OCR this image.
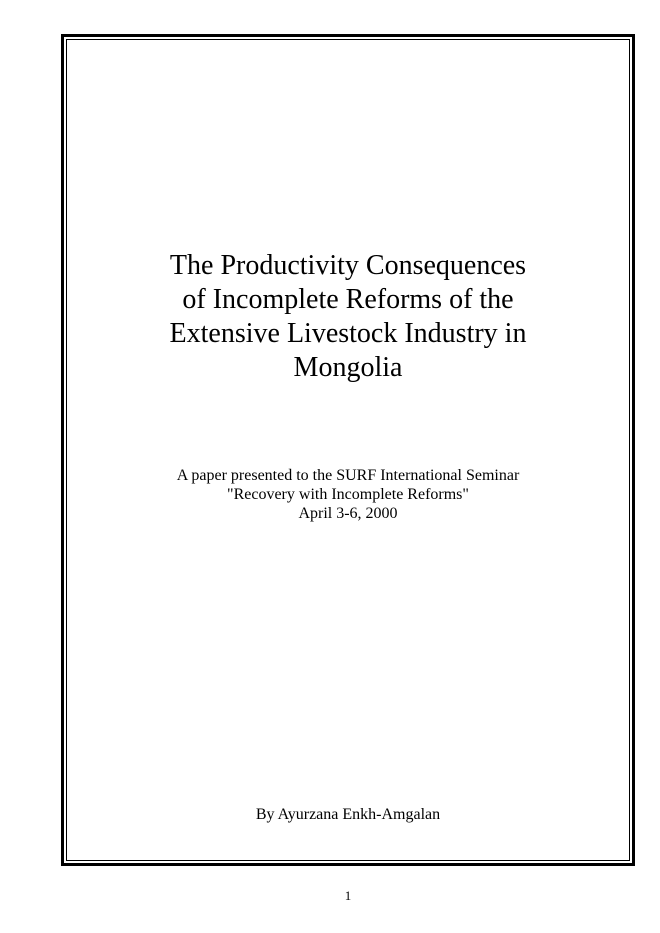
The Productivity Consequences
of Incomplete Reforms of the
Extensive Livestock Industry in
Mongolia
A paper presented to the SURF International Seminar
"Recovery with Incomplete Reforms"
April 3-6, 2000
By Ayurzana Enkh-Amgalan
1
